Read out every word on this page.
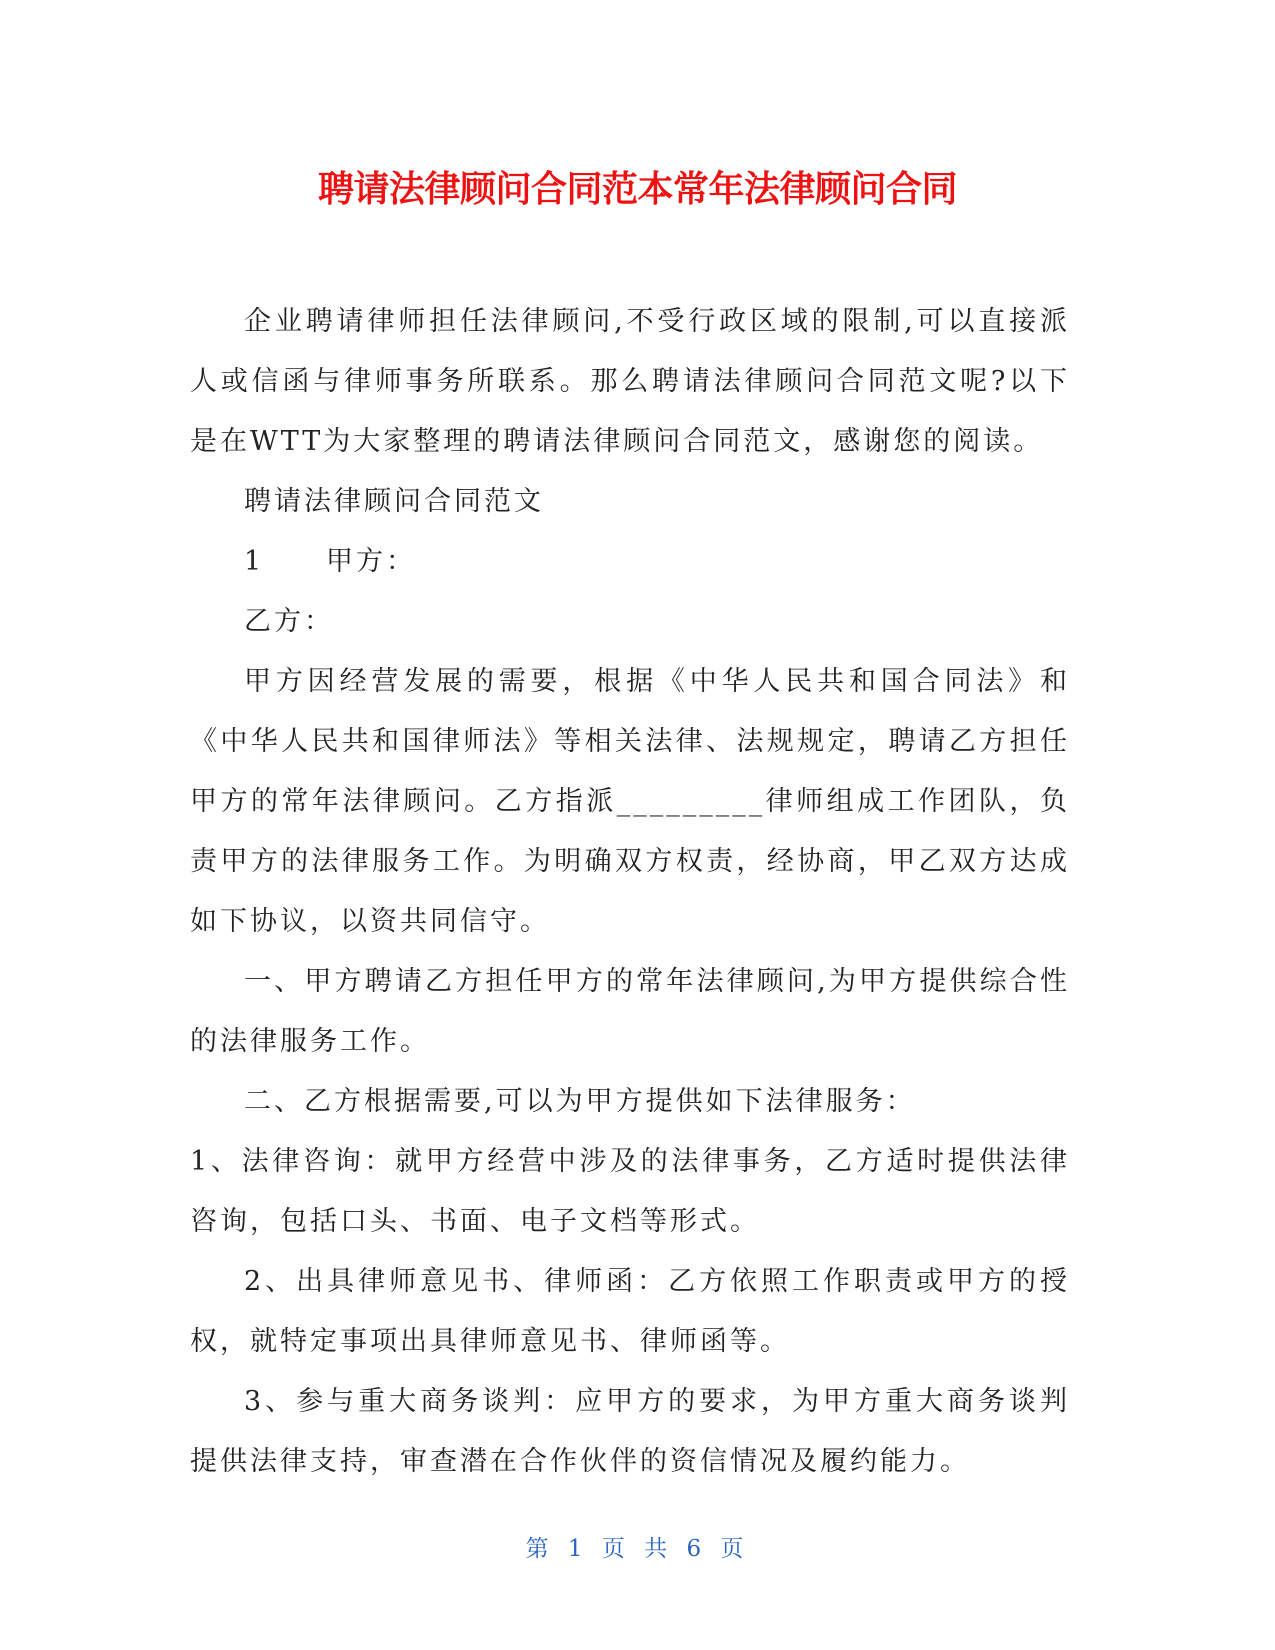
聘请法律顾问合同范本常年法律顾问合同

企业聘请律师担任法律顾问,不受行政区域的限制,可以直接派人或信函与律师事务所联系。那么聘请法律顾问合同范文呢?以下是在WTT为大家整理的聘请法律顾问合同范文，感谢您的阅读。

聘请法律顾问合同范文

1 甲方：

乙方：

甲方因经营发展的需要，根据《中华人民共和国合同法》和《中华人民共和国律师法》等相关法律、法规规定，聘请乙方担任甲方的常年法律顾问。乙方指派_________律师组成工作团队，负责甲方的法律服务工作。为明确双方权责，经协商，甲乙双方达成如下协议，以资共同信守。

一、甲方聘请乙方担任甲方的常年法律顾问,为甲方提供综合性的法律服务工作。

二、乙方根据需要,可以为甲方提供如下法律服务：

1、法律咨询：就甲方经营中涉及的法律事务，乙方适时提供法律咨询，包括口头、书面、电子文档等形式。

2、出具律师意见书、律师函：乙方依照工作职责或甲方的授权，就特定事项出具律师意见书、律师函等。

3、参与重大商务谈判：应甲方的要求，为甲方重大商务谈判提供法律支持，审查潜在合作伙伴的资信情况及履约能力。

第 1 页 共 6 页
